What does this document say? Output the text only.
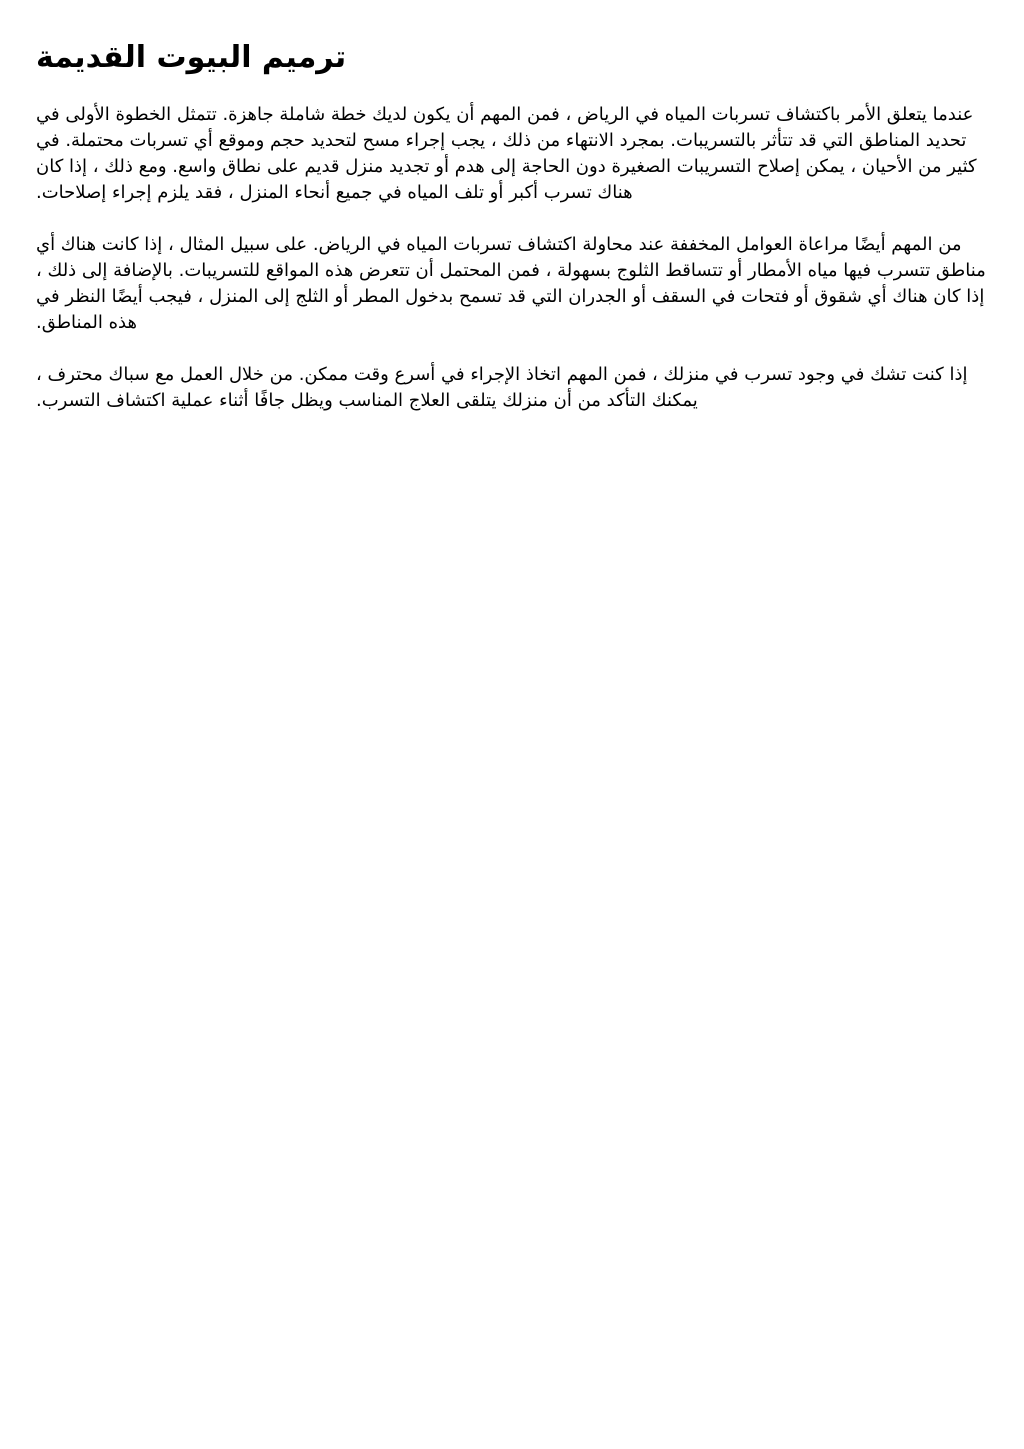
ترميم البيوت القديمة

عندما يتعلق الأمر باكتشاف تسربات المياه في الرياض ، فمن المهم أن يكون لديك خطة شاملة جاهزة. تتمثل الخطوة الأولى في تحديد المناطق التي قد تتأثر بالتسريبات. بمجرد الانتهاء من ذلك ، يجب إجراء مسح لتحديد حجم وموقع أي تسربات محتملة. في كثير من الأحيان ، يمكن إصلاح التسريبات الصغيرة دون الحاجة إلى هدم أو تجديد منزل قديم على نطاق واسع. ومع ذلك ، إذا كان هناك تسرب أكبر أو تلف المياه في جميع أنحاء المنزل ، فقد يلزم إجراء إصلاحات.

من المهم أيضًا مراعاة العوامل المخففة عند محاولة اكتشاف تسربات المياه في الرياض. على سبيل المثال ، إذا كانت هناك أي مناطق تتسرب فيها مياه الأمطار أو تتساقط الثلوج بسهولة ، فمن المحتمل أن تتعرض هذه المواقع للتسريبات. بالإضافة إلى ذلك ، إذا كان هناك أي شقوق أو فتحات في السقف أو الجدران التي قد تسمح بدخول المطر أو الثلج إلى المنزل ، فيجب أيضًا النظر في هذه المناطق.

إذا كنت تشك في وجود تسرب في منزلك ، فمن المهم اتخاذ الإجراء في أسرع وقت ممكن. من خلال العمل مع سباك محترف ، يمكنك التأكد من أن منزلك يتلقى العلاج المناسب ويظل جافًا أثناء عملية اكتشاف التسرب.
